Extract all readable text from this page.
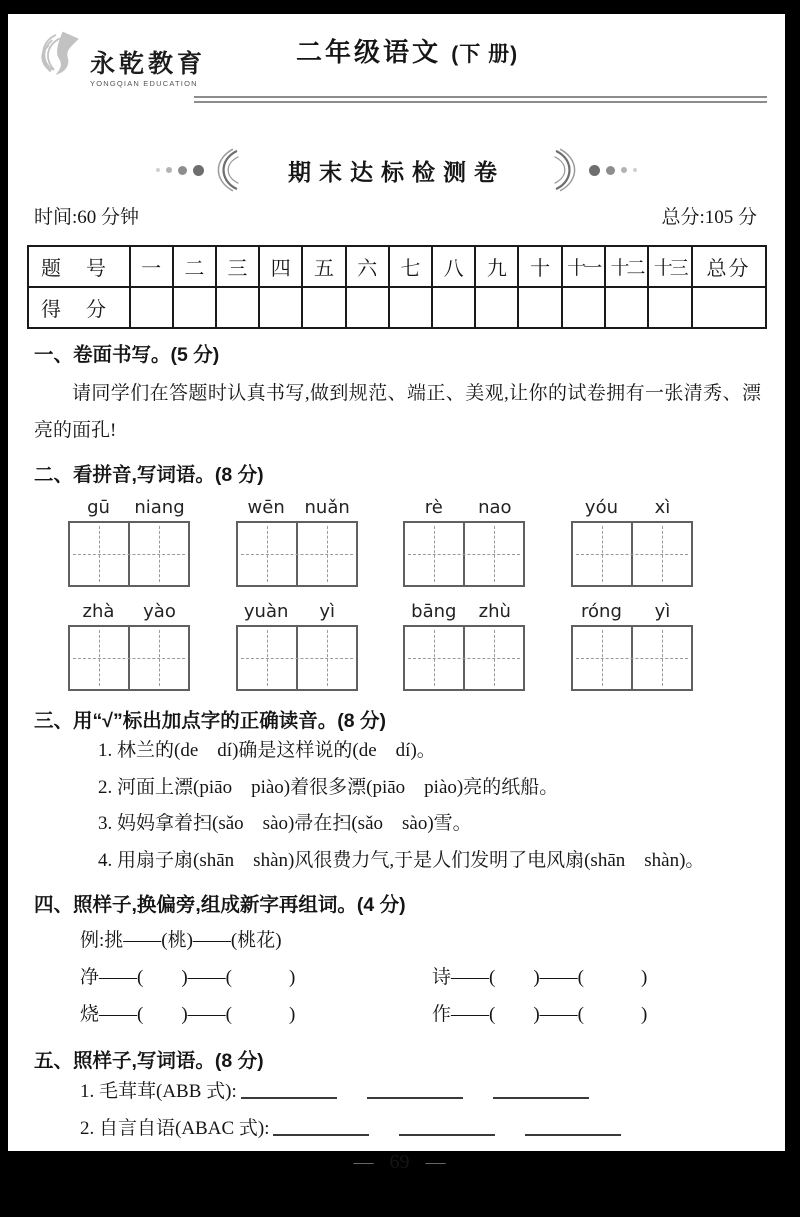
永乾教育
YONGQIAN EDUCATION
二年级语文 (下 册)
期末达标检测卷
时间:60 分钟	总分:105 分
题 号	一	二	三	四	五	六	七	八	九	十	十一	十二	十三	总分
得 分														
一、卷面书写。(5 分)

请同学们在答题时认真书写,做到规范、端正、美观,让你的试卷拥有一张清秀、漂亮的面孔!

二、看拼音,写词语。(8 分)
gū	niang	wēn	nuǎn	rè	nao	yóu	xì
zhà	yào	yuàn	yì	bāng	zhù	róng	yì
三、用“√”标出加点字的正确读音。(8 分)
1. 林兰的 •(de dí)确是这样说的 •(de dí)。
2. 河面上漂 •(piāo piào)着很多漂 •(piāo piào)亮的纸船。
3. 妈妈拿着扫 •(sǎo sào)帚在扫 •(sǎo sào)雪。
4. 用扇子扇 •(shān shàn)风很费力气,于是人们发明了电风扇 •(shān shàn)。
四、照样子,换偏旁,组成新字再组词。(4 分)
例:挑——(桃)——(桃花)
净——(　　)——(　　　)	诗——(　　)——(　　　)
烧——(　　)——(　　　)	作——(　　)——(　　　)
五、照样子,写词语。(8 分)
1. 毛茸茸(ABB 式):
2. 自言自语(ABAC 式):
— 69 —
